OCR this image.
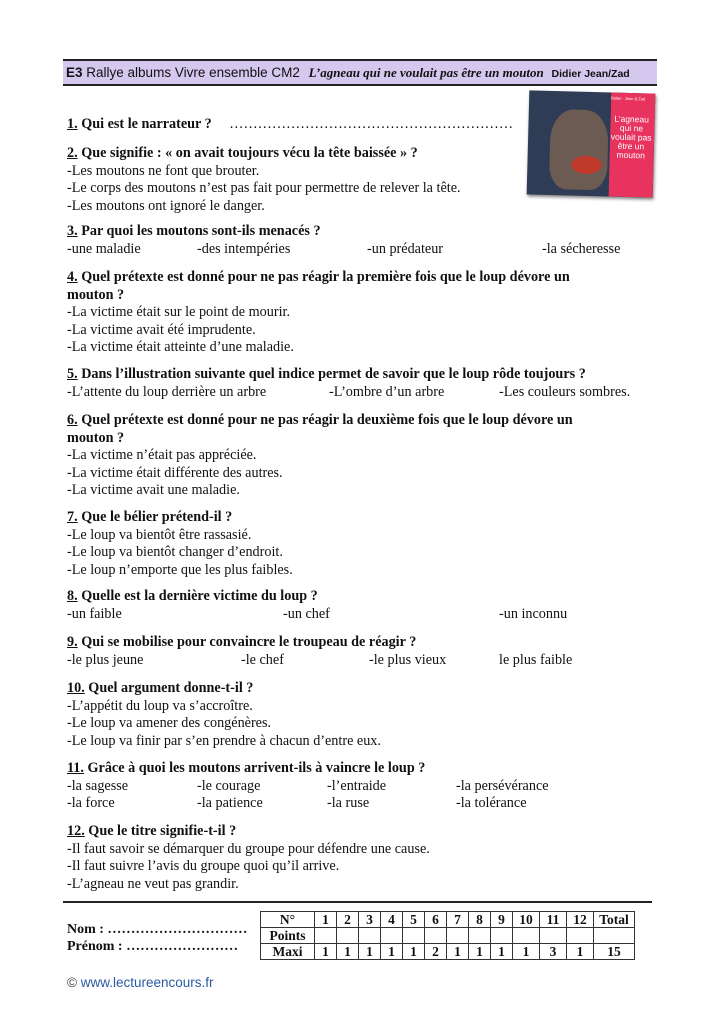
E3 Rallye albums Vivre ensemble CM2 L’agneau qui ne voulait pas être un mouton Didier Jean/Zad
Didier · Jean & Zad
L’agneau qui ne voulait pas être un mouton
1. Qui est le narrateur ? ……………………………………………………
2. Que signifie : « on avait toujours vécu la tête baissée » ?
-Les moutons ne font que brouter.
-Le corps des moutons n’est pas fait pour permettre de relever la tête.
-Les moutons ont ignoré le danger.
3. Par quoi les moutons sont-ils menacés ?
-une maladie	-des intempéries	-un prédateur	-la sécheresse
4. Quel prétexte est donné pour ne pas réagir la première fois que le loup dévore un
mouton ?
-La victime était sur le point de mourir.
-La victime avait été imprudente.
-La victime était atteinte d’une maladie.
5. Dans l’illustration suivante quel indice permet de savoir que le loup rôde toujours ?
-L’attente du loup derrière un arbre	-L’ombre d’un arbre	-Les couleurs sombres.
6. Quel prétexte est donné pour ne pas réagir la deuxième fois que le loup dévore un
mouton ?
-La victime n’était pas appréciée.
-La victime était différente des autres.
-La victime avait une maladie.
7. Que le bélier prétend-il ?
-Le loup va bientôt être rassasié.
-Le loup va bientôt changer d’endroit.
-Le loup n’emporte que les plus faibles.
8. Quelle est la dernière victime du loup ?
-un faible	-un chef	-un inconnu
9. Qui se mobilise pour convaincre le troupeau de réagir ?
-le plus jeune	-le chef	-le plus vieux	le plus faible
10. Quel argument donne-t-il ?
-L’appétit du loup va s’accroître.
-Le loup va amener des congénères.
-Le loup va finir par s’en prendre à chacun d’entre eux.
11. Grâce à quoi les moutons arrivent-ils à vaincre le loup ?
-la sagesse	-le courage	-l’entraide	-la persévérance
-la force	-la patience	-la ruse	-la tolérance
12. Que le titre signifie-t-il ?
-Il faut savoir se démarquer du groupe pour défendre une cause.
-Il faut suivre l’avis du groupe quoi qu’il arrive.
-L’agneau ne veut pas grandir.
Nom : …………………………
Prénom : ……………………
N°	1	2	3	4	5	6	7	8	9	10	11	12	Total
Points													
Maxi	1	1	1	1	1	2	1	1	1	1	3	1	15
© www.lectureencours.fr
